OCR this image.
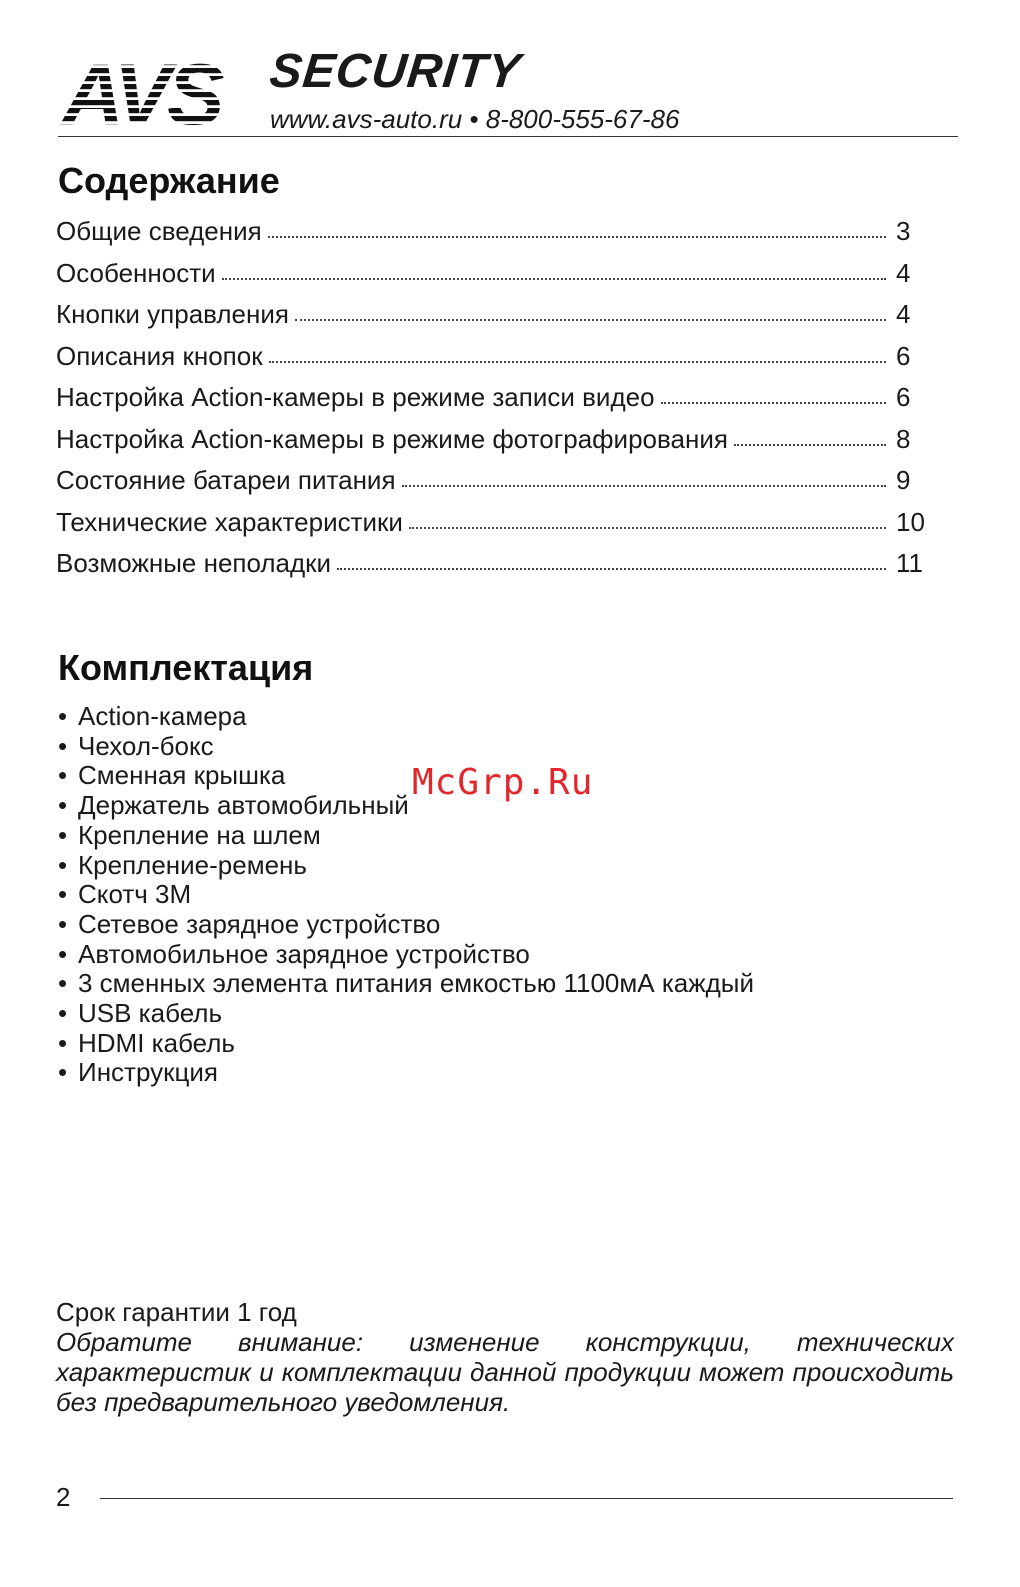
AVS SECURITY
www.avs-auto.ru • 8-800-555-67-86
Содержание
Общие сведения	3
Особенности	4
Кнопки управления	4
Описания кнопок	6
Настройка Action-камеры в режиме записи видео	6
Настройка Action-камеры в режиме фотографирования	8
Состояние батареи питания	9
Технические характеристики	10
Возможные неполадки	11
Комплектация
• Action-камера
• Чехол-бокс
• Сменная крышка
• Держатель автомобильный
• Крепление на шлем
• Крепление-ремень
• Скотч 3М
• Сетевое зарядное устройство
• Автомобильное зарядное устройство
• 3 сменных элемента питания емкостью 1100мА каждый
• USB кабель
• HDMI кабель
• Инструкция
McGrp.Ru

Срок гарантии 1 год

Обратите внимание: изменение конструкции, технических характеристик и комплектации данной продукции может происходить без предварительного уведомления.

2
